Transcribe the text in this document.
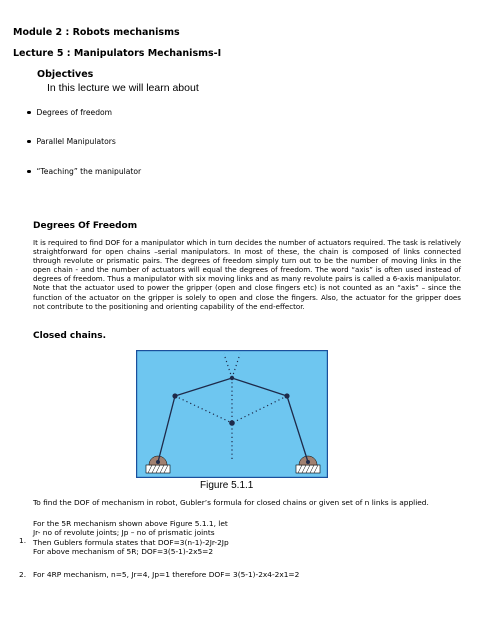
Module 2 : Robots mechanisms
Lecture 5 : Manipulators Mechanisms-I
Objectives
In this lecture we will learn about
Degrees of freedom
Parallel Manipulators
“Teaching” the manipulator
Degrees Of Freedom

It is required to find DOF for a manipulator which in turn decides the number of actuators required. The task is relatively straightforward for open chains –serial manipulators. In most of these, the chain is composed of links connected through revolute or prismatic pairs. The degrees of freedom simply turn out to be the number of moving links in the open chain - and the number of actuators will equal the degrees of freedom. The word “axis” is often used instead of degrees of freedom. Thus a manipulator with six moving links and as many revolute pairs is called a 6-axis manipulator. Note that the actuator used to power the gripper (open and close fingers etc) is not counted as an “axis” – since the function of the actuator on the gripper is solely to open and close the fingers. Also, the actuator for the gripper does not contribute to the positioning and orienting capability of the end-effector.

Closed chains.
Figure 5.1.1
To find the DOF of mechanism in robot, Gubler’s formula for closed chains or given set of n links is applied.
1.
For the 5R mechanism shown above Figure 5.1.1, let
Jr- no of revolute joints; Jp – no of prismatic joints
Then Gublers formula states that DOF=3(n-1)-2Jr-2Jp
For above mechanism of 5R; DOF=3(5-1)-2x5=2
2. For 4RP mechanism, n=5, Jr=4, Jp=1 therefore DOF= 3(5-1)-2x4-2x1=2
